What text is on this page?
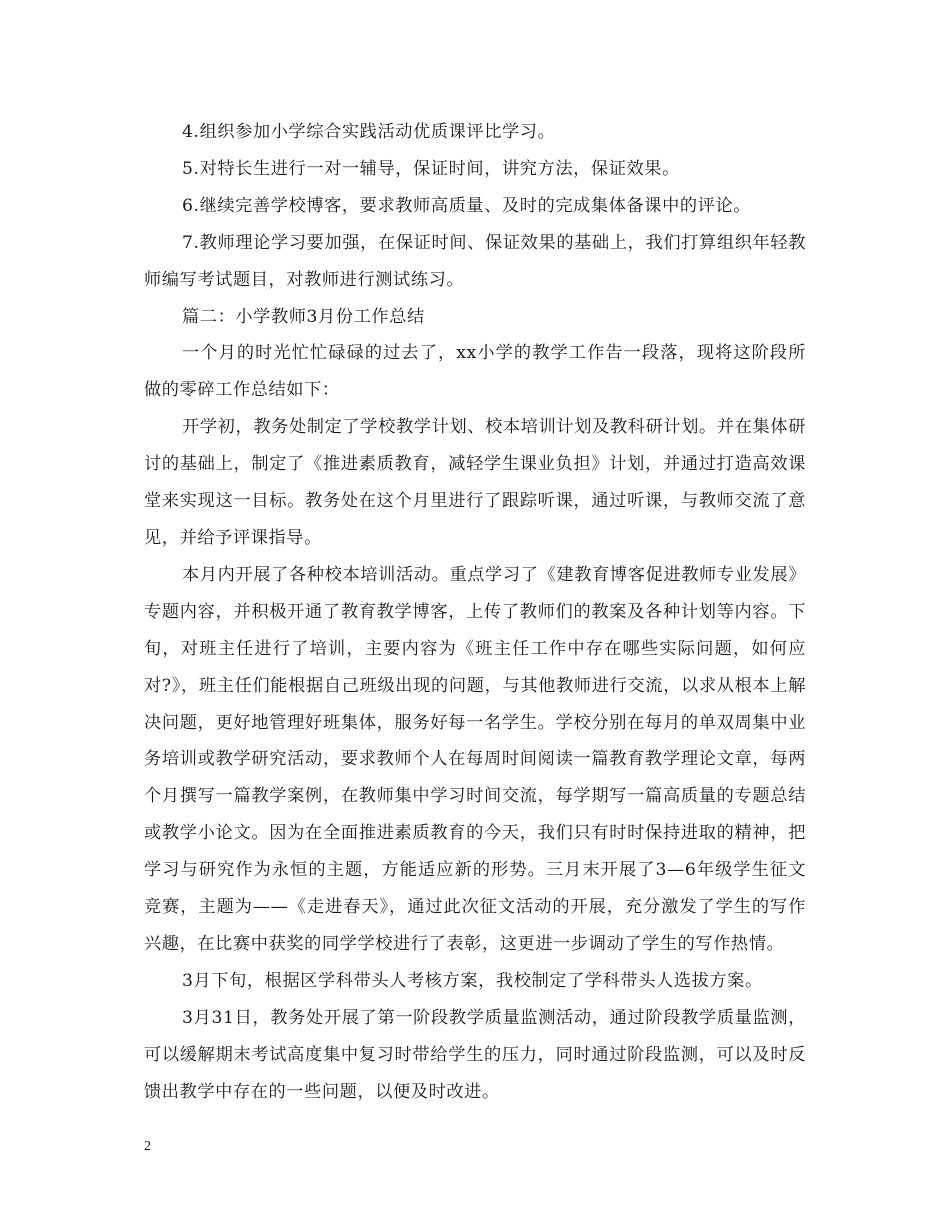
4.组织参加小学综合实践活动优质课评比学习。

5.对特长生进行一对一辅导，保证时间，讲究方法，保证效果。

6.继续完善学校博客，要求教师高质量、及时的完成集体备课中的评论。

7.教师理论学习要加强，在保证时间、保证效果的基础上，我们打算组织年轻教师编写考试题目，对教师进行测试练习。

篇二：小学教师3月份工作总结

一个月的时光忙忙碌碌的过去了，xx小学的教学工作告一段落，现将这阶段所做的零碎工作总结如下：

开学初，教务处制定了学校教学计划、校本培训计划及教科研计划。并在集体研讨的基础上，制定了《推进素质教育，减轻学生课业负担》计划，并通过打造高效课堂来实现这一目标。教务处在这个月里进行了跟踪听课，通过听课，与教师交流了意见，并给予评课指导。

本月内开展了各种校本培训活动。重点学习了《建教育博客促进教师专业发展》专题内容，并积极开通了教育教学博客，上传了教师们的教案及各种计划等内容。下旬，对班主任进行了培训，主要内容为《班主任工作中存在哪些实际问题，如何应对?》，班主任们能根据自己班级出现的问题，与其他教师进行交流，以求从根本上解决问题，更好地管理好班集体，服务好每一名学生。学校分别在每月的单双周集中业务培训或教学研究活动，要求教师个人在每周时间阅读一篇教育教学理论文章，每两个月撰写一篇教学案例，在教师集中学习时间交流，每学期写一篇高质量的专题总结或教学小论文。因为在全面推进素质教育的今天，我们只有时时保持进取的精神，把学习与研究作为永恒的主题，方能适应新的形势。三月末开展了3—6年级学生征文竞赛，主题为——《走进春天》，通过此次征文活动的开展，充分激发了学生的写作兴趣，在比赛中获奖的同学学校进行了表彰，这更进一步调动了学生的写作热情。

3月下旬，根据区学科带头人考核方案，我校制定了学科带头人选拔方案。

3月31日，教务处开展了第一阶段教学质量监测活动，通过阶段教学质量监测，可以缓解期末考试高度集中复习时带给学生的压力，同时通过阶段监测，可以及时反馈出教学中存在的一些问题，以便及时改进。

2
